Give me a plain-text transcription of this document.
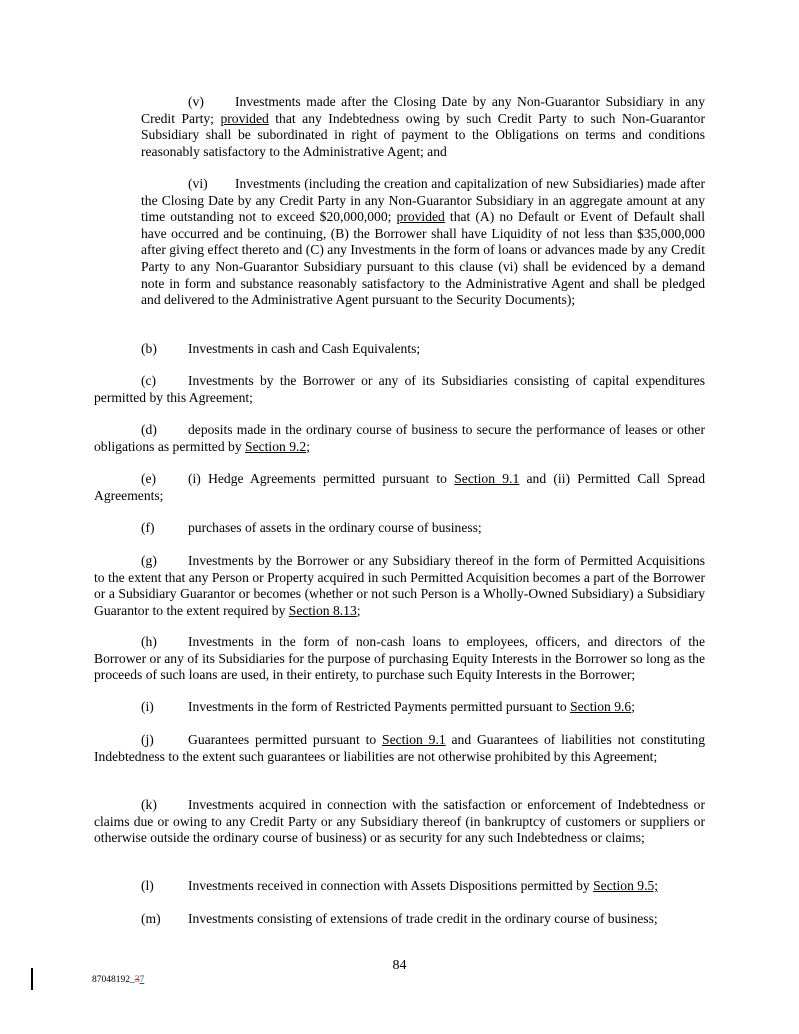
(v) Investments made after the Closing Date by any Non-Guarantor Subsidiary in any Credit Party; provided that any Indebtedness owing by such Credit Party to such Non-Guarantor Subsidiary shall be subordinated in right of payment to the Obligations on terms and conditions reasonably satisfactory to the Administrative Agent; and

(vi) Investments (including the creation and capitalization of new Subsidiaries) made after the Closing Date by any Credit Party in any Non-Guarantor Subsidiary in an aggregate amount at any time outstanding not to exceed $20,000,000; provided that (A) no Default or Event of Default shall have occurred and be continuing, (B) the Borrower shall have Liquidity of not less than $35,000,000 after giving effect thereto and (C) any Investments in the form of loans or advances made by any Credit Party to any Non-Guarantor Subsidiary pursuant to this clause (vi) shall be evidenced by a demand note in form and substance reasonably satisfactory to the Administrative Agent and shall be pledged and delivered to the Administrative Agent pursuant to the Security Documents);

(b) Investments in cash and Cash Equivalents;

(c) Investments by the Borrower or any of its Subsidiaries consisting of capital expenditures permitted by this Agreement;

(d) deposits made in the ordinary course of business to secure the performance of leases or other obligations as permitted by Section 9.2;

(e) (i) Hedge Agreements permitted pursuant to Section 9.1 and (ii) Permitted Call Spread Agreements;

(f) purchases of assets in the ordinary course of business;

(g) Investments by the Borrower or any Subsidiary thereof in the form of Permitted Acquisitions to the extent that any Person or Property acquired in such Permitted Acquisition becomes a part of the Borrower or a Subsidiary Guarantor or becomes (whether or not such Person is a Wholly-Owned Subsidiary) a Subsidiary Guarantor to the extent required by Section 8.13;

(h) Investments in the form of non-cash loans to employees, officers, and directors of the Borrower or any of its Subsidiaries for the purpose of purchasing Equity Interests in the Borrower so long as the proceeds of such loans are used, in their entirety, to purchase such Equity Interests in the Borrower;

(i)	Investments in the form of Restricted Payments permitted pursuant to Section 9.6;

(j)	Guarantees permitted pursuant to Section 9.1 and Guarantees of liabilities not constituting Indebtedness to the extent such guarantees or liabilities are not otherwise prohibited by this Agreement;

(k) Investments acquired in connection with the satisfaction or enforcement of Indebtedness or claims due or owing to any Credit Party or any Subsidiary thereof (in bankruptcy of customers or suppliers or otherwise outside the ordinary course of business) or as security for any such Indebtedness or claims;

(l)	Investments received in connection with Assets Dispositions permitted by Section 9.5;

(m) Investments consisting of extensions of trade credit in the ordinary course of business;

84
87048192_37
